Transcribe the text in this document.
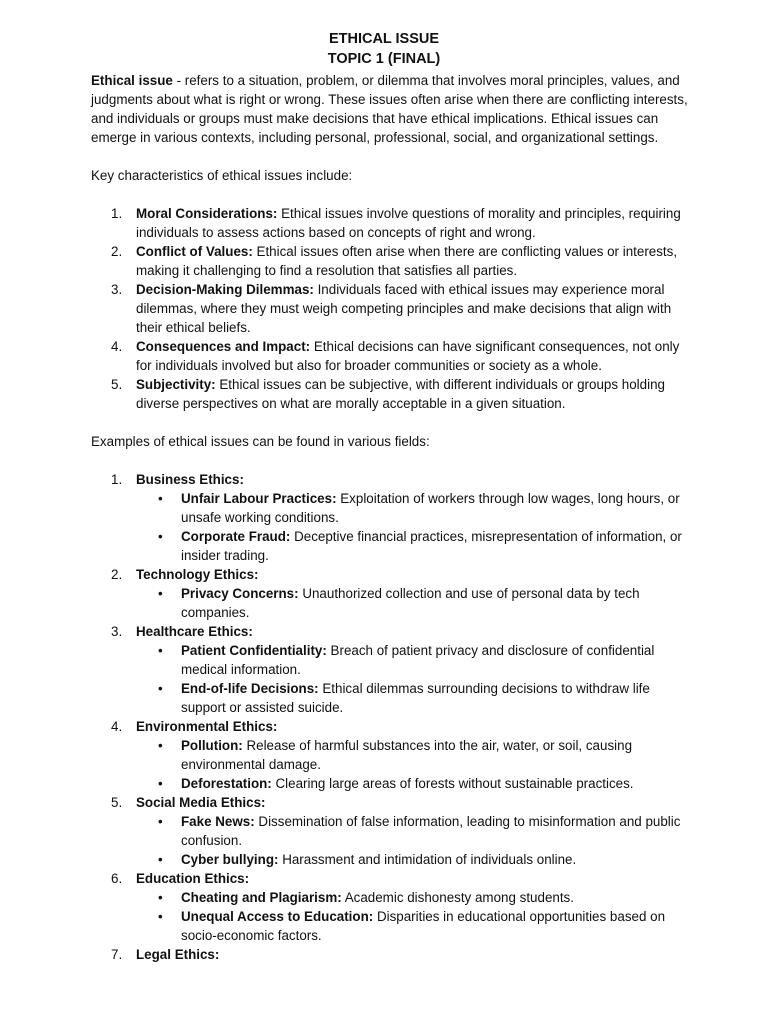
ETHICAL ISSUE
TOPIC 1 (FINAL)

Ethical issue - refers to a situation, problem, or dilemma that involves moral principles, values, and judgments about what is right or wrong. These issues often arise when there are conflicting interests, and individuals or groups must make decisions that have ethical implications. Ethical issues can emerge in various contexts, including personal, professional, social, and organizational settings.

Key characteristics of ethical issues include:

1. Moral Considerations: Ethical issues involve questions of morality and principles, requiring individuals to assess actions based on concepts of right and wrong.
2. Conflict of Values: Ethical issues often arise when there are conflicting values or interests, making it challenging to find a resolution that satisfies all parties.
3. Decision-Making Dilemmas: Individuals faced with ethical issues may experience moral dilemmas, where they must weigh competing principles and make decisions that align with their ethical beliefs.
4. Consequences and Impact: Ethical decisions can have significant consequences, not only for individuals involved but also for broader communities or society as a whole.
5. Subjectivity: Ethical issues can be subjective, with different individuals or groups holding diverse perspectives on what are morally acceptable in a given situation.

Examples of ethical issues can be found in various fields:

1. Business Ethics:
• Unfair Labour Practices: Exploitation of workers through low wages, long hours, or unsafe working conditions.
• Corporate Fraud: Deceptive financial practices, misrepresentation of information, or insider trading.
2. Technology Ethics:
• Privacy Concerns: Unauthorized collection and use of personal data by tech companies.
3. Healthcare Ethics:
• Patient Confidentiality: Breach of patient privacy and disclosure of confidential medical information.
• End-of-life Decisions: Ethical dilemmas surrounding decisions to withdraw life support or assisted suicide.
4. Environmental Ethics:
• Pollution: Release of harmful substances into the air, water, or soil, causing environmental damage.
• Deforestation: Clearing large areas of forests without sustainable practices.
5. Social Media Ethics:
• Fake News: Dissemination of false information, leading to misinformation and public confusion.
• Cyber bullying: Harassment and intimidation of individuals online.
6. Education Ethics:
• Cheating and Plagiarism: Academic dishonesty among students.
• Unequal Access to Education: Disparities in educational opportunities based on socio-economic factors.
7. Legal Ethics:
